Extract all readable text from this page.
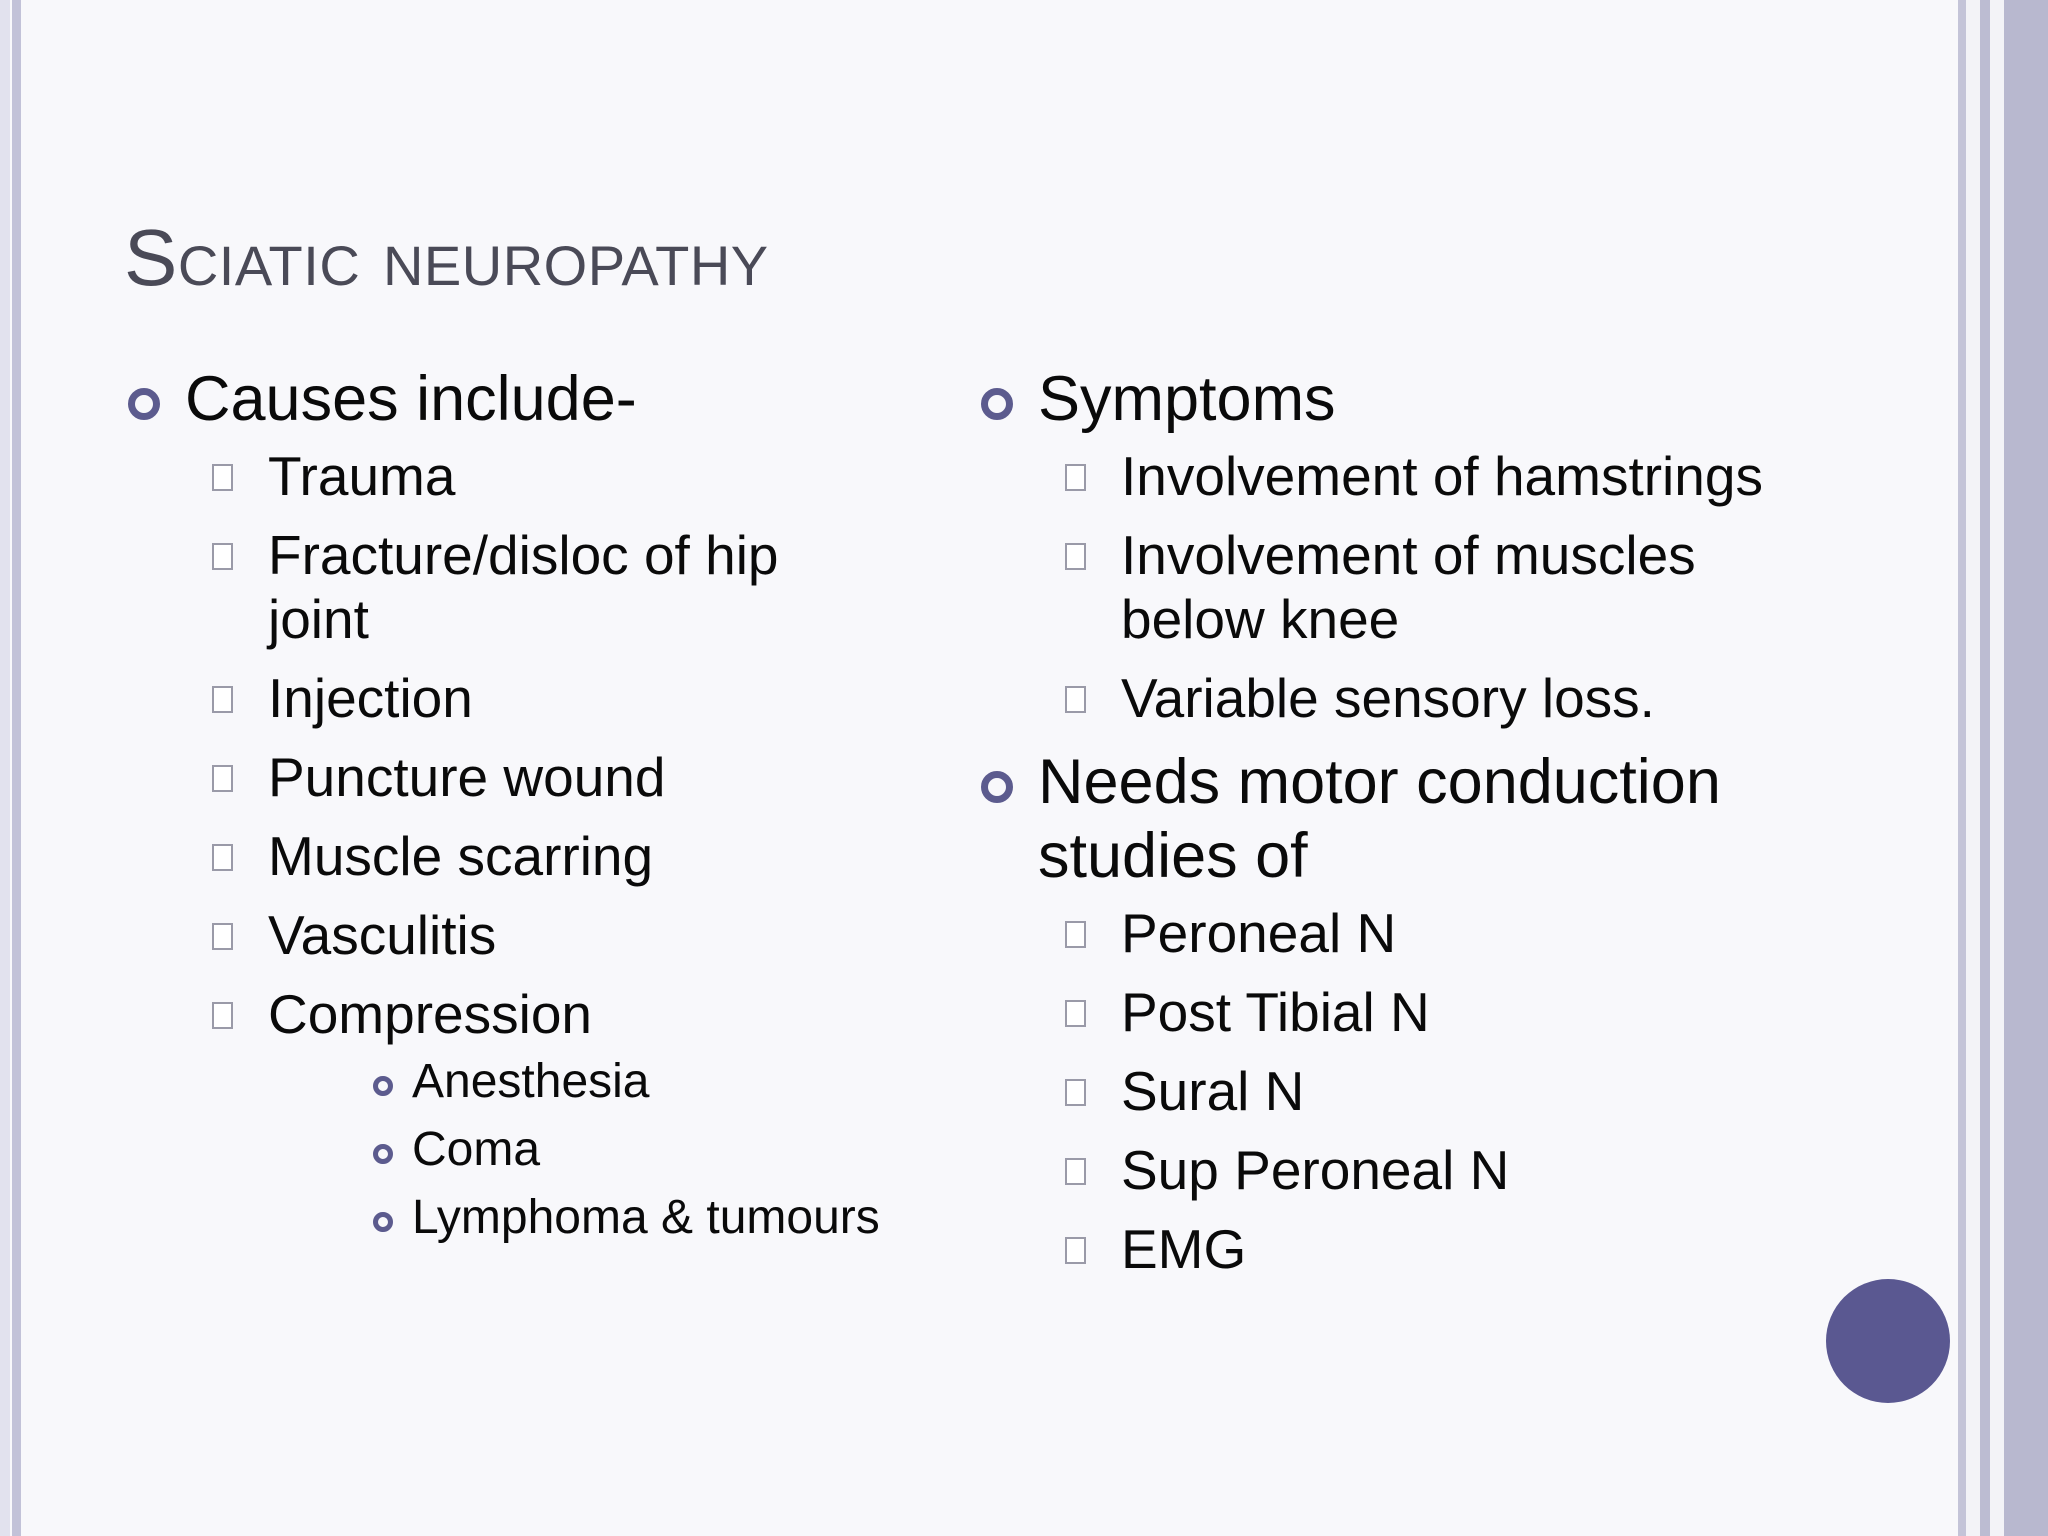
Sciatic neuropathy
Causes include-
Trauma
Fracture/disloc of hip joint
Injection
Puncture wound
Muscle scarring
Vasculitis
Compression
Anesthesia
Coma
Lymphoma & tumours
Symptoms
Involvement of hamstrings
Involvement of muscles below knee
Variable sensory loss.
Needs motor conduction studies of
Peroneal N
Post Tibial N
Sural N
Sup Peroneal N
EMG
